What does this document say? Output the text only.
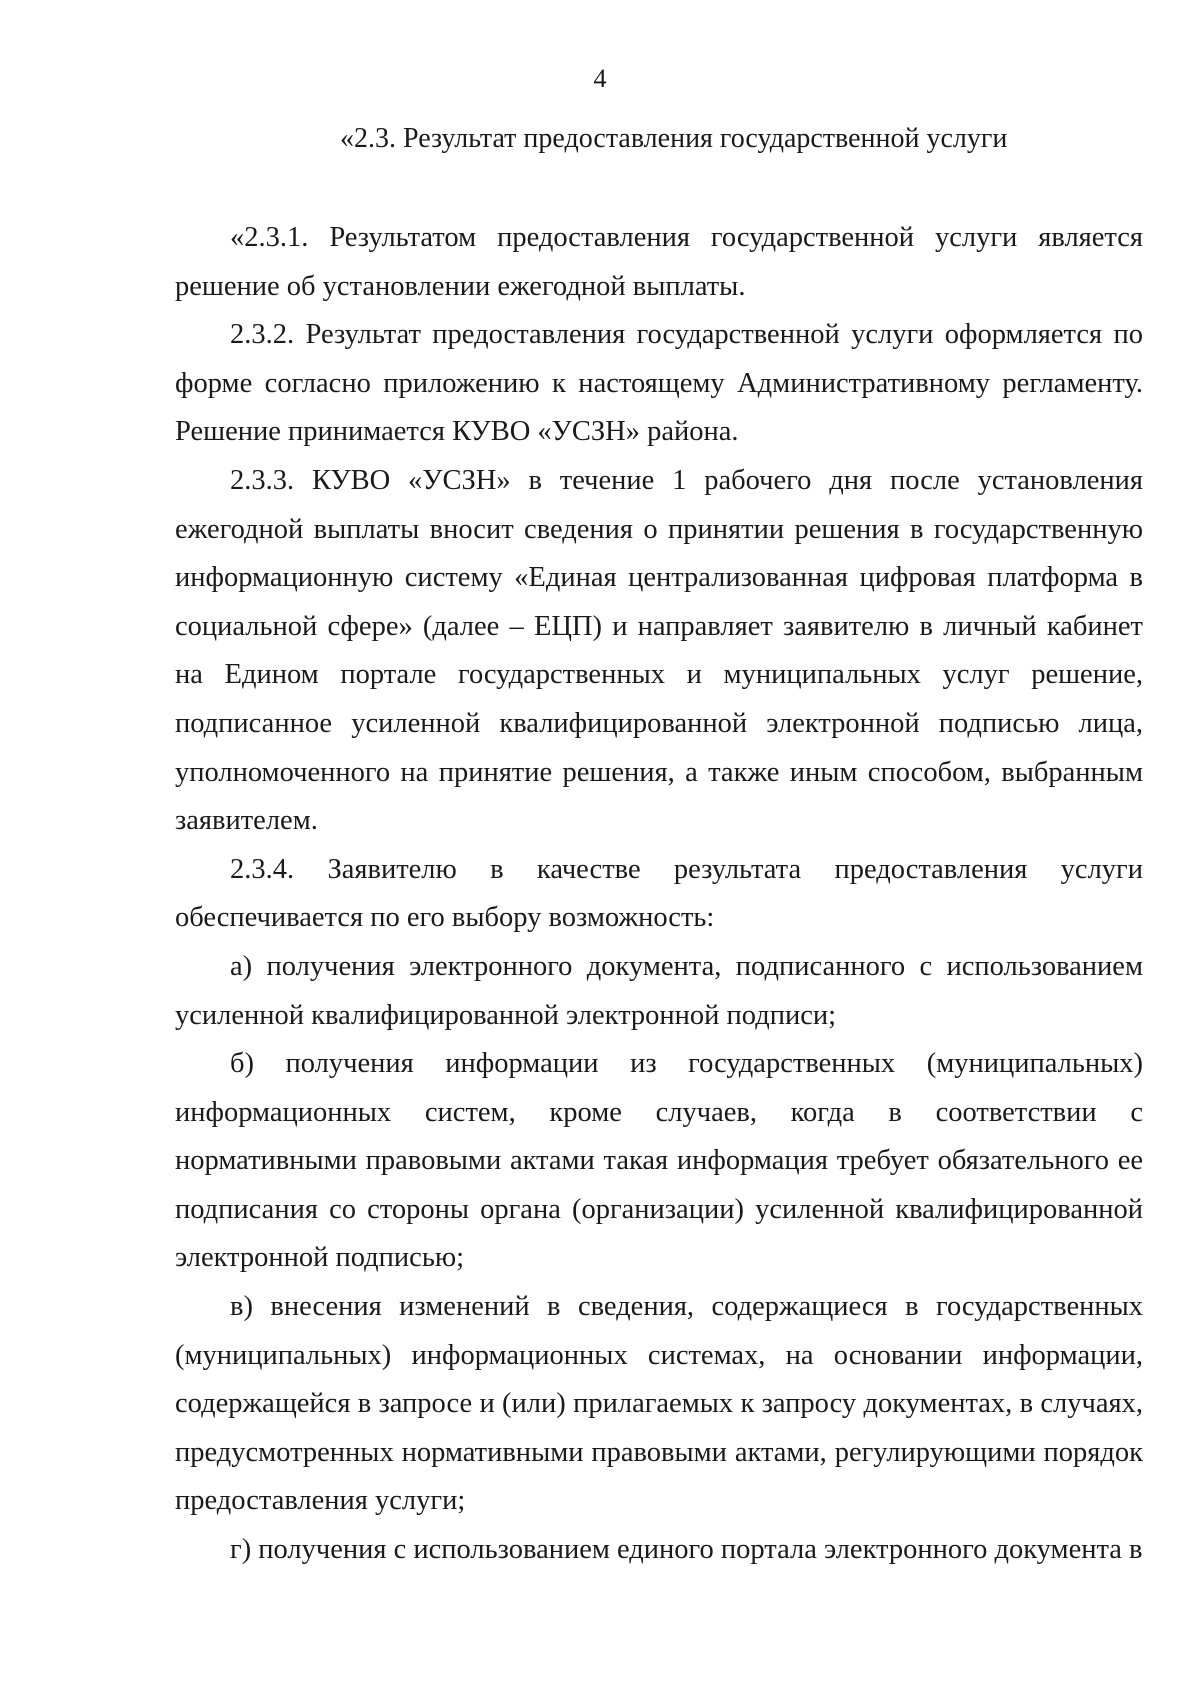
4
«2.3. Результат предоставления государственной услуги

«2.3.1. Результатом предоставления государственной услуги является решение об установлении ежегодной выплаты.

2.3.2. Результат предоставления государственной услуги оформляется по форме согласно приложению к настоящему Административному регламенту. Решение принимается КУВО «УСЗН» района.

2.3.3. КУВО «УСЗН» в течение 1 рабочего дня после установления ежегодной выплаты вносит сведения о принятии решения в государственную информационную систему «Единая централизованная цифровая платформа в социальной сфере» (далее – ЕЦП) и направляет заявителю в личный кабинет на Едином портале государственных и муниципальных услуг решение, подписанное усиленной квалифицированной электронной подписью лица, уполномоченного на принятие решения, а также иным способом, выбранным заявителем.

2.3.4. Заявителю в качестве результата предоставления услуги обеспечивается по его выбору возможность:

а) получения электронного документа, подписанного с использованием усиленной квалифицированной электронной подписи;

б) получения информации из государственных (муниципальных) информационных систем, кроме случаев, когда в соответствии с нормативными правовыми актами такая информация требует обязательного ее подписания со стороны органа (организации) усиленной квалифицированной электронной подписью;

в) внесения изменений в сведения, содержащиеся в государственных (муниципальных) информационных системах, на основании информации, содержащейся в запросе и (или) прилагаемых к запросу документах, в случаях, предусмотренных нормативными правовыми актами, регулирующими порядок предоставления услуги;

г) получения с использованием единого портала электронного документа в
